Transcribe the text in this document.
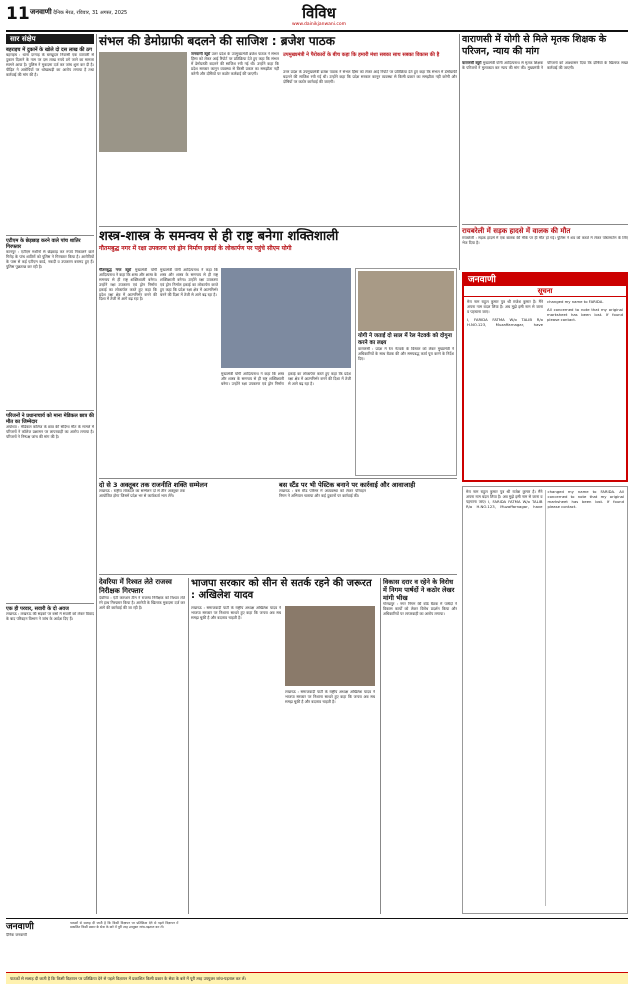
11 जनवाणी दैनिक मेरठ, रविवार, 31 अगस्त, 2025	विविध
www.dainikjanwani.com
सार संक्षेप
बहराइच में दुकानें के खोले दो दस लाख की ठग
बहराइच : थाना दरगाह के बरखुदार निवासी एक व्यापारी से दुकान दिलाने के नाम पर दस लाख रुपये ठगे जाने का मामला सामने आया है। पुलिस ने मुकदमा दर्ज कर जांच शुरू कर दी है। पीड़ित ने आरोपियों पर धोखाधड़ी का आरोप लगाया है तथा कार्रवाई की मांग की है।
एटीएम के छेड़छाड़ करने वाले पांच शातिर गिरफ्तार
कानपुर : एटीएम मशीनों से छेड़छाड़ कर रुपये निकालने वाले गिरोह के पांच शातिरों को पुलिस ने गिरफ्तार किया है। आरोपियों के पास से कई एटीएम कार्ड, नकदी व उपकरण बरामद हुए हैं। पुलिस पूछताछ कर रही है।
परिजनों ने प्रधानाचार्य को माना मेडिकल छात्र की मौत का जिम्मेदार
अयोध्या : मेडिकल कॉलेज के छात्र की संदिग्ध मौत के मामले में परिजनों ने कॉलेज प्रशासन पर लापरवाही का आरोप लगाया है। परिजनों ने निष्पक्ष जांच की मांग की है।
एक ही परवार, सवारी के दो अवज
लखनऊ : लखनऊ की सड़कों पर बसों में सवारी को लेकर विवाद के बाद परिवहन विभाग ने जांच के आदेश दिए हैं।
संभल की डेमोग्राफी बदलने की साजिश : ब्रजेश पाठक
जनवाणी ब्यूरो उत्तर प्रदेश के उपमुख्यमंत्री ब्रजेश पाठक ने संभल हिंसा को लेकर आई रिपोर्ट पर प्रतिक्रिया देते हुए कहा कि संभल में डेमोग्राफी बदलने की साजिश रची गई थी। उन्होंने कहा कि प्रदेश सरकार कानून व्यवस्था से किसी प्रकार का समझौता नहीं करेगी और दोषियों पर कठोर कार्रवाई की जाएगी।
उपमुख्यमंत्री ने पैरोकारों के बीच कहा कि हमारी मंशा सबका साथ सबका विकास की है
उत्तर प्रदेश के उपमुख्यमंत्री ब्रजेश पाठक ने संभल हिंसा को लेकर आई रिपोर्ट पर प्रतिक्रिया देते हुए कहा कि संभल में डेमोग्राफी बदलने की साजिश रची गई थी। उन्होंने कहा कि प्रदेश सरकार कानून व्यवस्था से किसी प्रकार का समझौता नहीं करेगी और दोषियों पर कठोर कार्रवाई की जाएगी।
वाराणसी में योगी से मिले मृतक शिक्षक के परिजन, न्याय की मांग
वाराणसी ब्यूरो मुख्यमंत्री योगी आदित्यनाथ से मृतक शिक्षक के परिजनों ने मुलाकात कर न्याय की मांग की। मुख्यमंत्री ने परिजनों को आश्वासन दिया कि दोषियों के खिलाफ सख्त कार्रवाई की जाएगी।
रायबरेली में सड़क हादसे में वालक की मौत
रायबरेली : सड़क हादसे में एक बालक की मौके पर ही मौत हो गई। पुलिस ने शव को कब्जे में लेकर पोस्टमार्टम के लिए भेज दिया है।
शस्त्र-शास्त्र के समन्वय से ही राष्ट्र बनेगा शक्तिशाली
गौतमबुद्ध नगर में रक्षा उपकरण एवं ड्रोन निर्माण इकाई के लोकार्पण पर पहुंचे सीएम योगी
गौतमबुद्ध नगर ब्यूरो मुख्यमंत्री योगी आदित्यनाथ ने कहा कि शस्त्र और शास्त्र के समन्वय से ही राष्ट्र शक्तिशाली बनेगा। उन्होंने रक्षा उपकरण एवं ड्रोन निर्माण इकाई का लोकार्पण करते हुए कहा कि प्रदेश रक्षा क्षेत्र में आत्मनिर्भर बनने की दिशा में तेजी से आगे बढ़ रहा है।
मुख्यमंत्री योगी आदित्यनाथ ने कहा कि शस्त्र और शास्त्र के समन्वय से ही राष्ट्र शक्तिशाली बनेगा। उन्होंने रक्षा उपकरण एवं ड्रोन निर्माण इकाई का लोकार्पण करते हुए कहा कि प्रदेश रक्षा क्षेत्र में आत्मनिर्भर बनने की दिशा में तेजी से आगे बढ़ रहा है।
मुख्यमंत्री योगी आदित्यनाथ ने कहा कि शस्त्र और शास्त्र के समन्वय से ही राष्ट्र शक्तिशाली बनेगा। उन्होंने रक्षा उपकरण एवं ड्रोन निर्माण इकाई का लोकार्पण करते हुए कहा कि प्रदेश रक्षा क्षेत्र में आत्मनिर्भर बनने की दिशा में तेजी से आगे बढ़ रहा है।
योगी ने जताई दो साल में रेल नेटवर्क को दोगुना करने का लक्ष्य
वाराणसी : प्रदेश में रेल नेटवर्क के विस्तार को लेकर मुख्यमंत्री ने अधिकारियों के साथ बैठक की और समयबद्ध कार्य पूरा करने के निर्देश दिए।
जनवाणी
सूचना
मेरा नाम राहुल कुमार पुत्र श्री राजेश कुमार है। मैंने अपना नाम बदल लिया है। अब मुझे इसी नाम से जाना व पहचाना जाए।
I, FARIDA FATMA W/o TALIB R/o H.NO.123, Muzaffarnagar, have changed my name to FARIDA.
All concerned to note that my original marksheet has been lost. If found please contact.
दो से 3 अक्तूबर तक राजनीति शक्ति सम्मेलन
लखनऊ : राष्ट्रीय लोकदल का सम्मेलन दो से तीन अक्तूबर तक आयोजित होगा जिसमें प्रदेश भर से कार्यकर्ता भाग लेंगे।
बस स्टैंड पर भी पेस्टिक बनाने पर कार्रवाई और आवाजाही
लखनऊ : बस स्टैंड परिसर में अव्यवस्था को लेकर परिवहन निगम ने अभियान चलाया और कई दुकानों पर कार्रवाई की।
मेरा नाम राहुल कुमार पुत्र श्री राजेश कुमार है। मैंने अपना नाम बदल लिया है। अब मुझे इसी नाम से जाना व पहचाना जाए। I, FARIDA FATMA W/o TALIB R/o H.NO.123, Muzaffarnagar, have changed my name to FARIDA. All concerned to note that my original marksheet has been lost. If found please contact.
देवरिया में रिश्वत लेते राजस्व निरीक्षक गिरफ्तार
देवरिया : एंटी करप्शन टीम ने राजस्व निरीक्षक को रिश्वत लेते रंगे हाथ गिरफ्तार किया है। आरोपी के खिलाफ मुकदमा दर्ज कर आगे की कार्रवाई की जा रही है।
भाजपा सरकार को सीन से सतर्क रहने की जरूरत : अखिलेश यादव
लखनऊ : समाजवादी पार्टी के राष्ट्रीय अध्यक्ष अखिलेश यादव ने भाजपा सरकार पर निशाना साधते हुए कहा कि जनता अब सब समझ चुकी है और बदलाव चाहती है।
लखनऊ : समाजवादी पार्टी के राष्ट्रीय अध्यक्ष अखिलेश यादव ने भाजपा सरकार पर निशाना साधते हुए कहा कि जनता अब सब समझ चुकी है और बदलाव चाहती है।
विकास दरार व रहेने के विरोध में निगम पार्षदों ने कठोर लेखर मांगी भीख
गोरखपुर : नगर निगम की बोर्ड बैठक में पार्षदों ने विकास कार्यों को लेकर विरोध प्रदर्शन किया और अधिकारियों पर लापरवाही का आरोप लगाया।
जनवाणी
दैनिक जनवाणी
पाठकों से सलाह दी जाती है कि किसी विज्ञापन पर प्रतिक्रिया देने से पहले विज्ञापन में प्रकाशित किसी प्रकार के सेवा के बारे में पूरी तरह उपयुक्त जांच-पड़ताल कर लें।
पाठकों से सलाह दी जाती है कि किसी विज्ञापन पर प्रतिक्रिया देने से पहले विज्ञापन में प्रकाशित किसी प्रकार के सेवा के बारे में पूरी तरह उपयुक्त जांच-पड़ताल कर लें।
